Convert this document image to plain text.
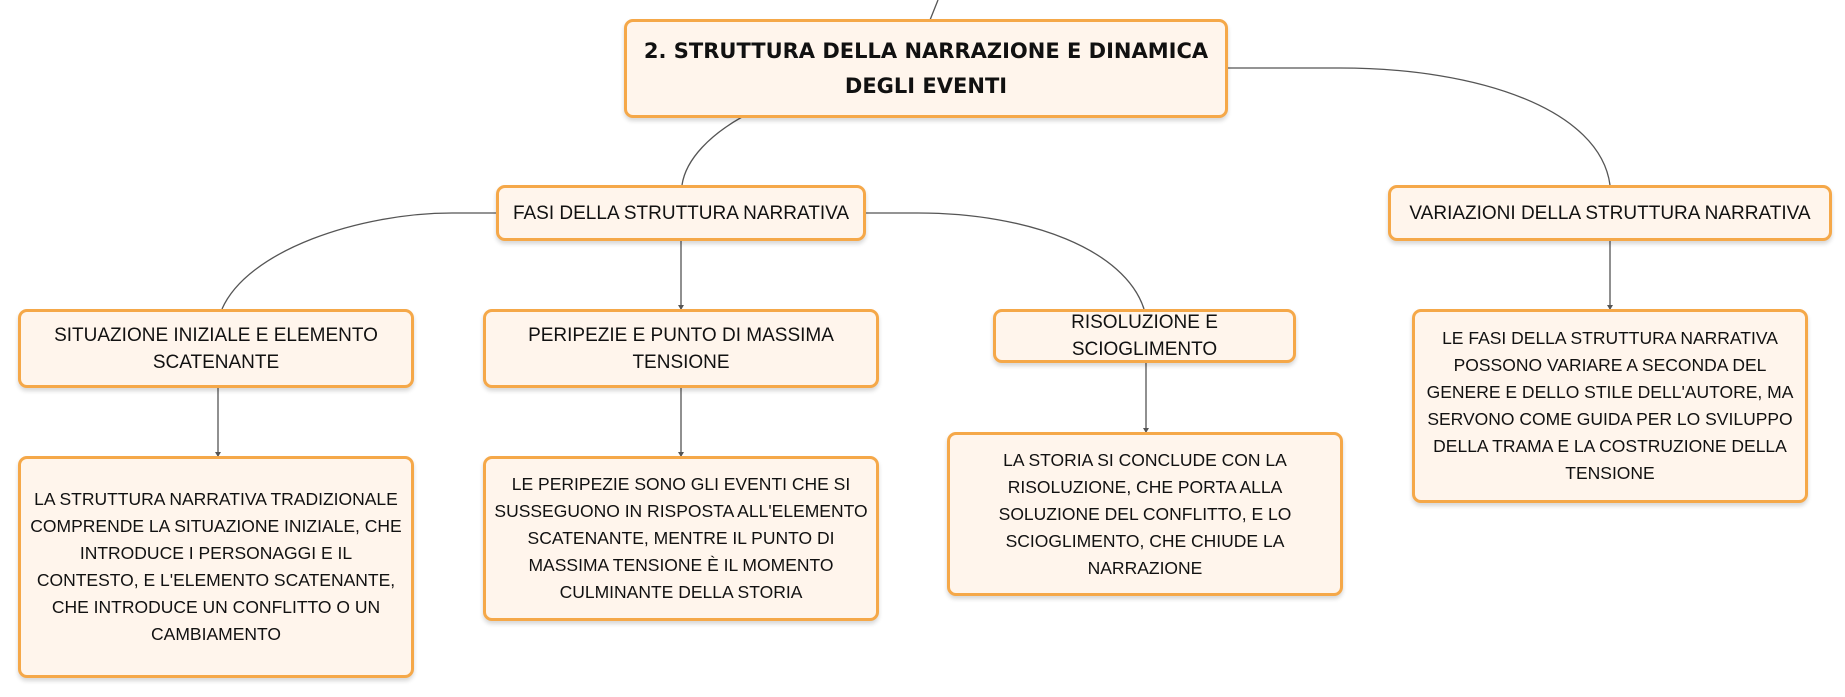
2. STRUTTURA DELLA NARRAZIONE E DINAMICA DEGLI EVENTI
FASI DELLA STRUTTURA NARRATIVA	VARIAZIONI DELLA STRUTTURA NARRATIVA
SITUAZIONE INIZIALE E ELEMENTO SCATENANTE
PERIPEZIE E PUNTO DI MASSIMA TENSIONE
RISOLUZIONE E SCIOGLIMENTO
LA STRUTTURA NARRATIVA TRADIZIONALE COMPRENDE LA SITUAZIONE INIZIALE, CHE INTRODUCE I PERSONAGGI E IL CONTESTO, E L'ELEMENTO SCATENANTE, CHE INTRODUCE UN CONFLITTO O UN CAMBIAMENTO
LE PERIPEZIE SONO GLI EVENTI CHE SI SUSSEGUONO IN RISPOSTA ALL'ELEMENTO SCATENANTE, MENTRE IL PUNTO DI MASSIMA TENSIONE È IL MOMENTO CULMINANTE DELLA STORIA
LA STORIA SI CONCLUDE CON LA RISOLUZIONE, CHE PORTA ALLA SOLUZIONE DEL CONFLITTO, E LO SCIOGLIMENTO, CHE CHIUDE LA NARRAZIONE
LE FASI DELLA STRUTTURA NARRATIVA POSSONO VARIARE A SECONDA DEL GENERE E DELLO STILE DELL'AUTORE, MA SERVONO COME GUIDA PER LO SVILUPPO DELLA TRAMA E LA COSTRUZIONE DELLA TENSIONE
